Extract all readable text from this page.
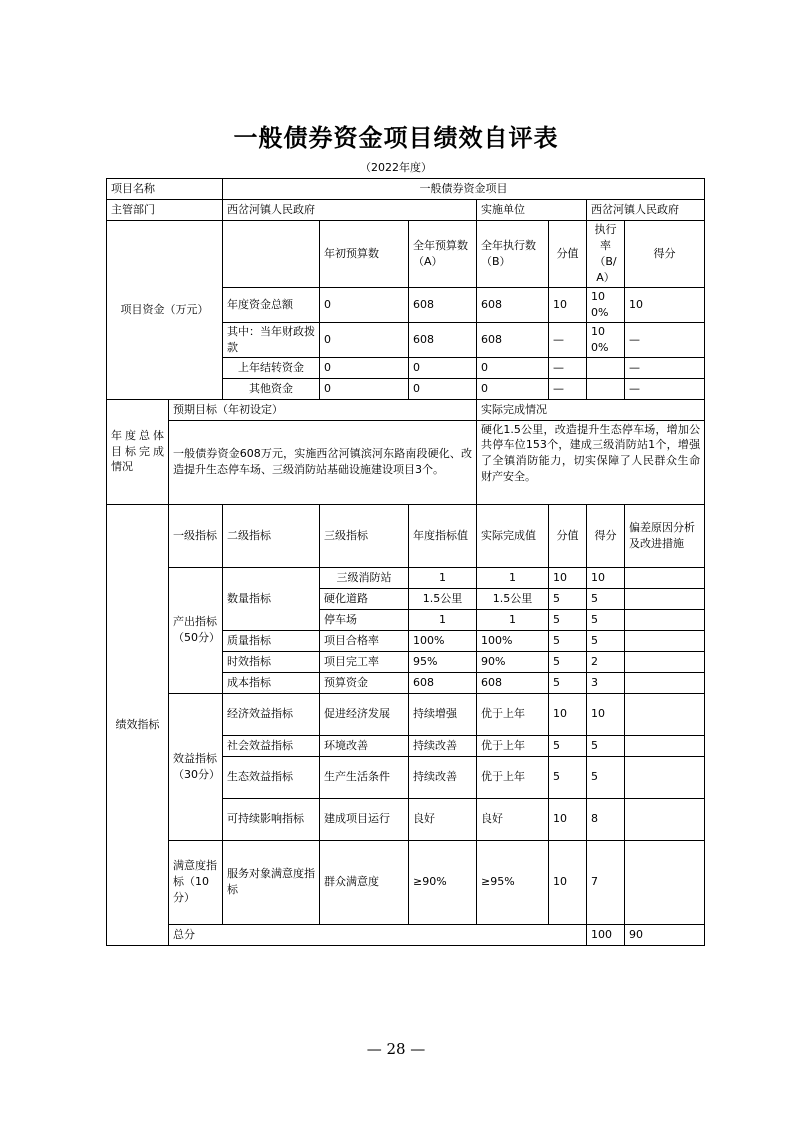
一般债券资金项目绩效自评表
（2022年度）
项目名称		一般债券资金项目							
主管部门		西岔河镇人民政府			实施单位		西岔河镇人民政府		
项目资金（万元）			年初预算数	全年预算数（A）	全年执行数（B）	分值	执行率（B/A）	得分	
		年度资金总额	0	608	608	10	100%	10	
		其中：当年财政拨款	0	608	608	—	100%	—	
		上年结转资金	0	0	0	—		—	
		其他资金	0	0	0	—		—	
年度总体目标完成情况	预期目标（年初设定）				实际完成情况				
	一般债券资金608万元，实施西岔河镇滨河东路南段硬化、改造提升生态停车场、三级消防站基础设施建设项目3个。				硬化1.5公里，改造提升生态停车场，增加公共停车位153个，建成三级消防站1个，增强了全镇消防能力，切实保障了人民群众生命财产安全。				
绩效指标	一级指标	二级指标	三级指标	年度指标值	实际完成值	分值	得分	偏差原因分析及改进措施	
	产出指标（50分）	数量指标	三级消防站	1	1	10	10		
			硬化道路	1.5公里	1.5公里	5	5		
			停车场	1	1	5	5		
		质量指标	项目合格率	100%	100%	5	5		
		时效指标	项目完工率	95%	90%	5	2		
		成本指标	预算资金	608	608	5	3		
	效益指标（30分）	经济效益指标	促进经济发展	持续增强	优于上年	10	10		
		社会效益指标	环境改善	持续改善	优于上年	5	5		
		生态效益指标	生产生活条件	持续改善	优于上年	5	5		
		可持续影响指标	建成项目运行	良好	良好	10	8		
	满意度指标（10分）	服务对象满意度指标	群众满意度	≥90%	≥95%	10	7		
	总分						100	90	
— 28 —
